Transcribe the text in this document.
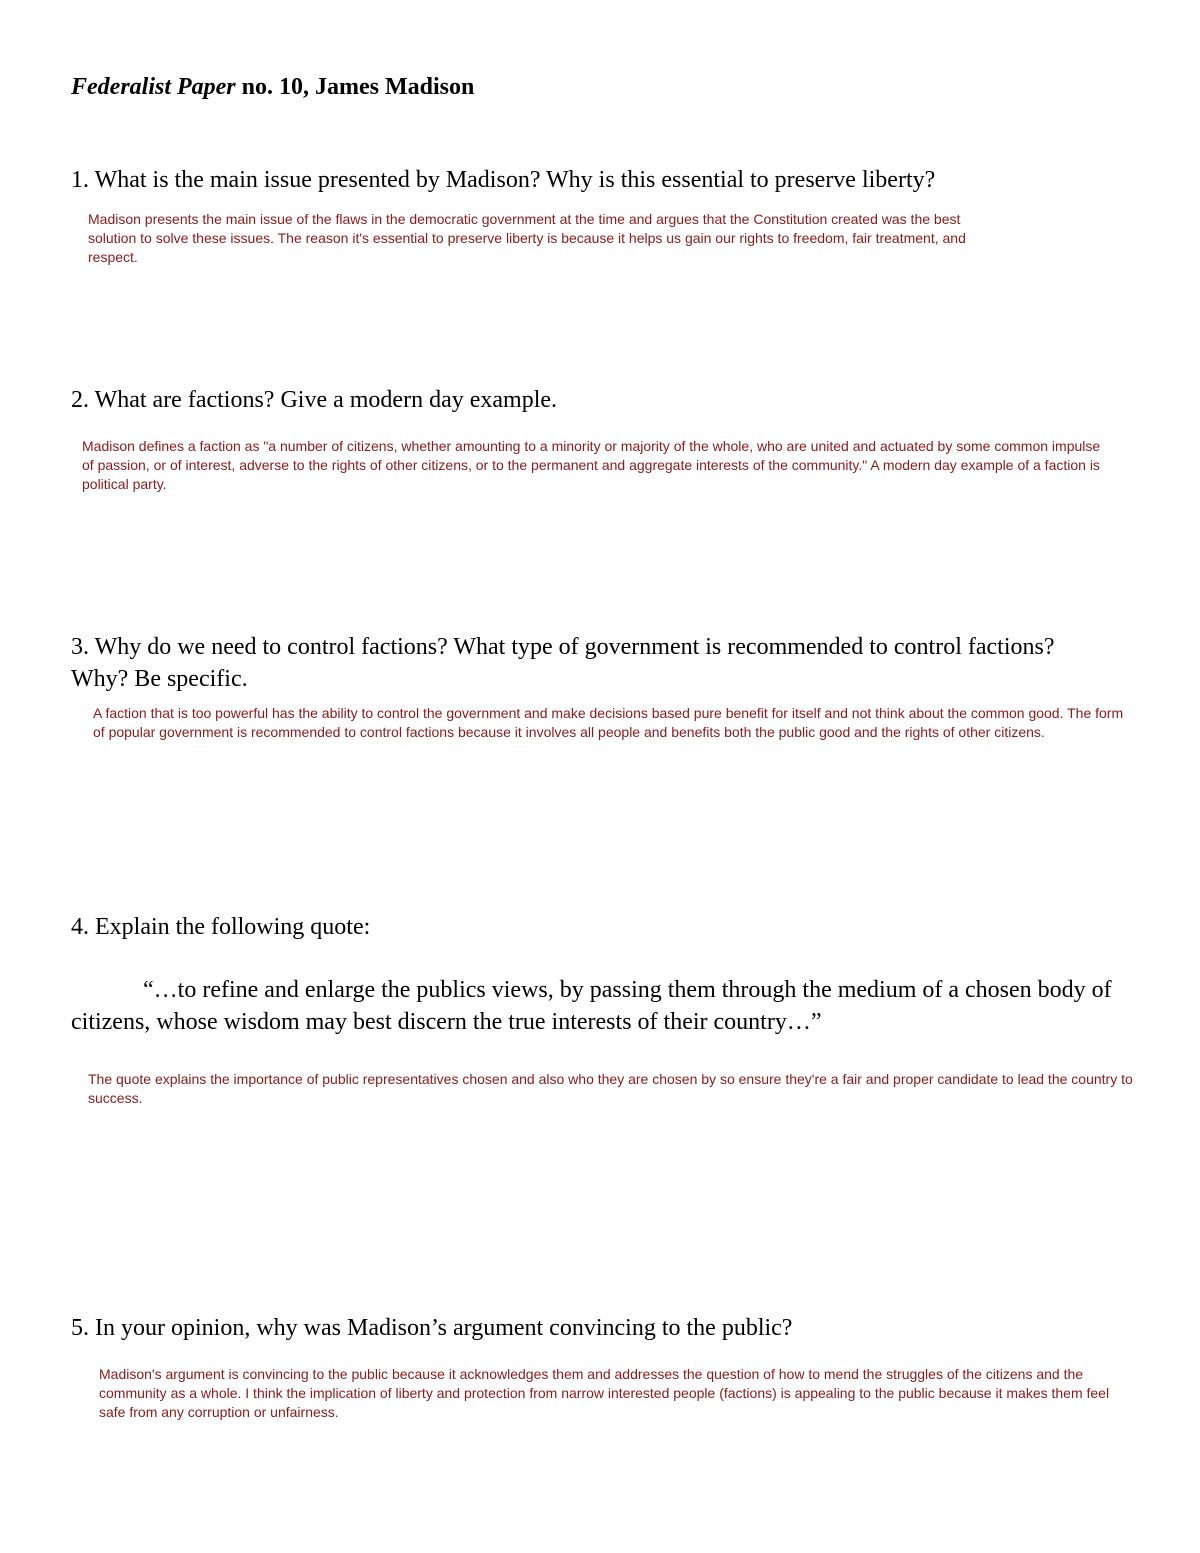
Federalist Paper no. 10, James Madison

1. What is the main issue presented by Madison? Why is this essential to preserve liberty?

Madison presents the main issue of the flaws in the democratic government at the time and argues that the Constitution created was the best solution to solve these issues. The reason it's essential to preserve liberty is because it helps us gain our rights to freedom, fair treatment, and respect.

2. What are factions? Give a modern day example.

Madison defines a faction as "a number of citizens, whether amounting to a minority or majority of the whole, who are united and actuated by some common impulse of passion, or of interest, adverse to the rights of other citizens, or to the permanent and aggregate interests of the community." A modern day example of a faction is political party.

3. Why do we need to control factions? What type of government is recommended to control factions? Why? Be specific.

A faction that is too powerful has the ability to control the government and make decisions based pure benefit for itself and not think about the common good. The form of popular government is recommended to control factions because it involves all people and benefits both the public good and the rights of other citizens.

4. Explain the following quote:

“…to refine and enlarge the publics views, by passing them through the medium of a chosen body of citizens, whose wisdom may best discern the true interests of their country…”

The quote explains the importance of public representatives chosen and also who they are chosen by so ensure they're a fair and proper candidate to lead the country to success.

5. In your opinion, why was Madison’s argument convincing to the public?

Madison's argument is convincing to the public because it acknowledges them and addresses the question of how to mend the struggles of the citizens and the community as a whole. I think the implication of liberty and protection from narrow interested people (factions) is appealing to the public because it makes them feel safe from any corruption or unfairness.
